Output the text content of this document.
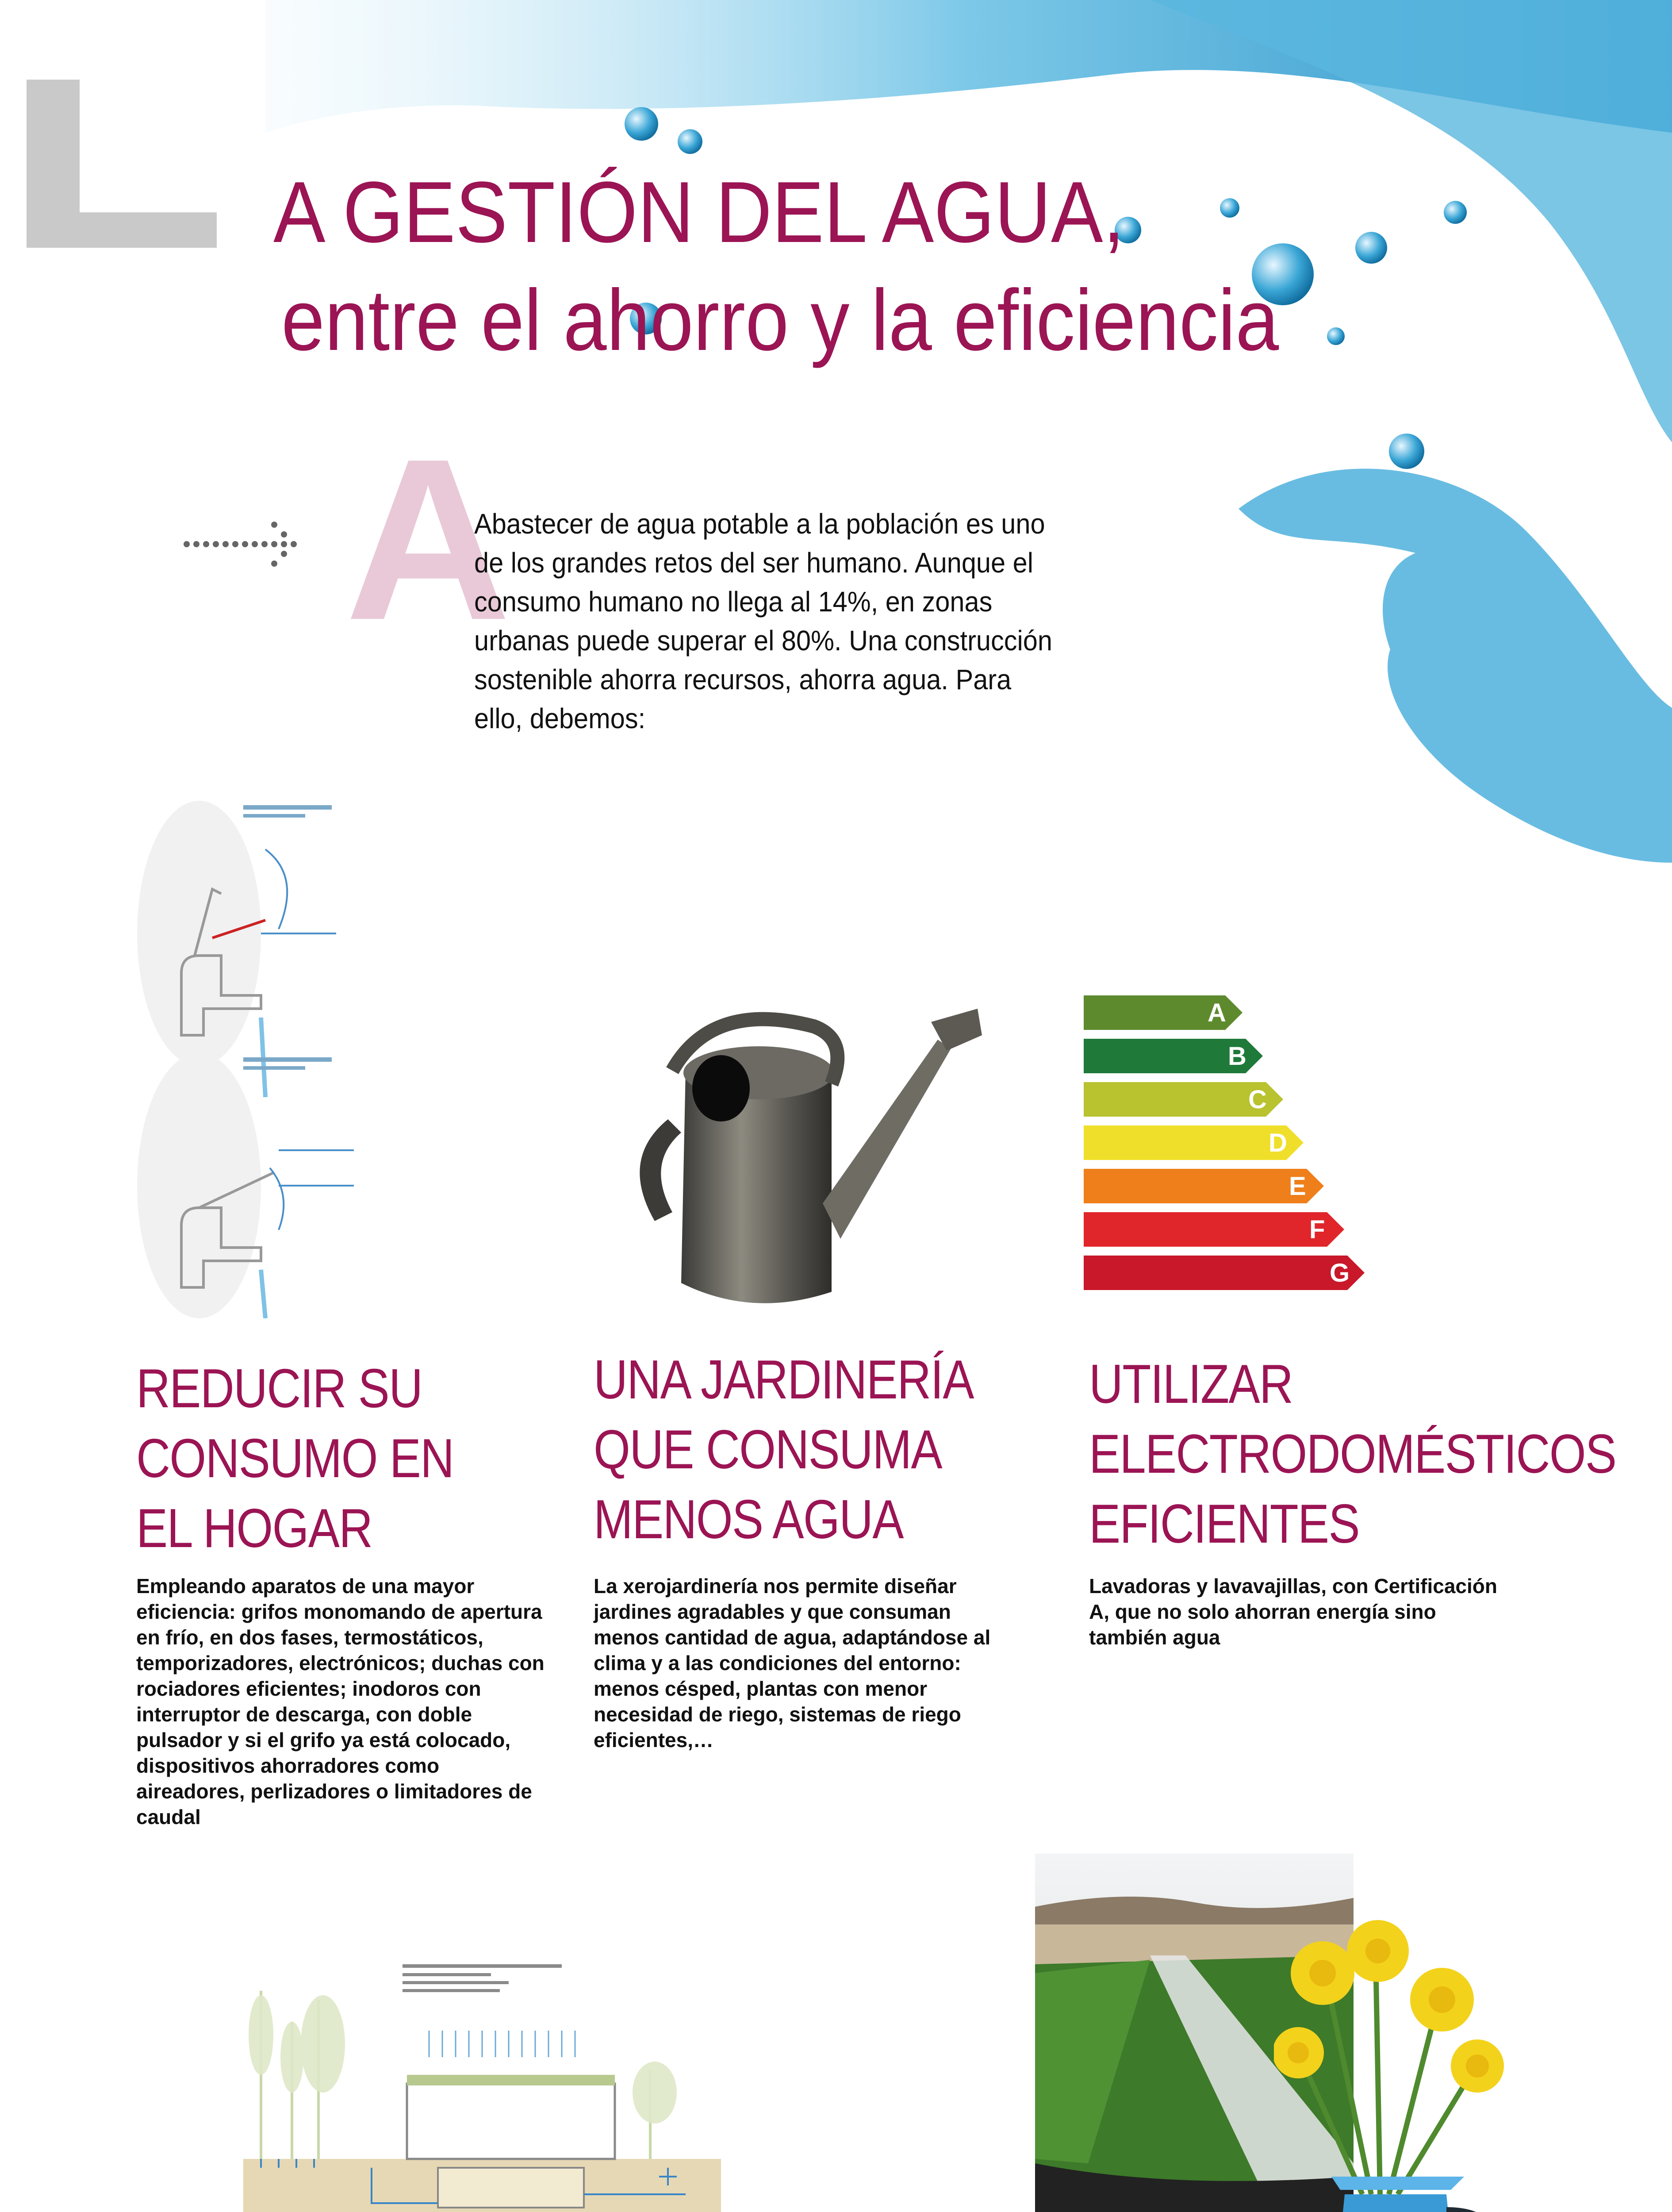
A GESTIÓN DEL AGUA,
entre el ahorro y la eficiencia
A
Abastecer de agua potable a la población es uno de los grandes retos del ser humano. Aunque el consumo humano no llega al 14%, en zonas urbanas puede superar el 80%. Una construcción sostenible ahorra recursos, ahorra agua. Para ello, debemos:
A
B
C
D
E
F
G
REDUCIR SU
CONSUMO EN
EL HOGAR
Empleando aparatos de una mayor eficiencia: grifos monomando de apertura en frío, en dos fases, termostáticos, temporizadores, electrónicos; duchas con rociadores eficientes; inodoros con interruptor de descarga, con doble pulsador y si el grifo ya está colocado, dispositivos ahorradores como aireadores, perlizadores o limitadores de caudal
UNA JARDINERÍA
QUE CONSUMA
MENOS AGUA
La xerojardinería nos permite diseñar jardines agradables y que consuman menos cantidad de agua, adaptándose al clima y a las condiciones del entorno: menos césped, plantas con menor necesidad de riego, sistemas de riego eficientes,…
UTILIZAR
ELECTRODOMÉSTICOS
EFICIENTES
Lavadoras y lavavajillas, con Certificación A, que no solo ahorran energía sino también agua
